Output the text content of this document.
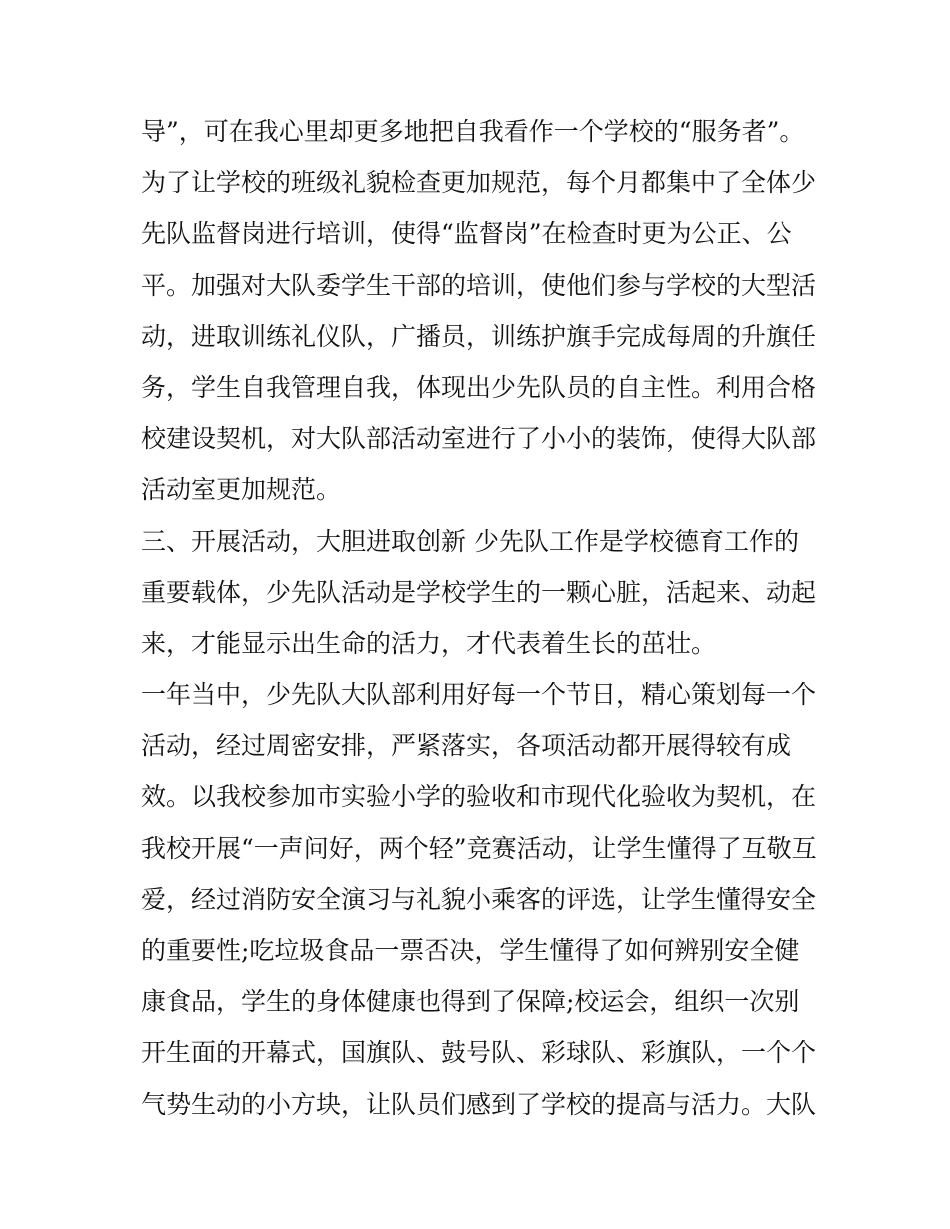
导”，可在我心里却更多地把自我看作一个学校的“服务者”。
为了让学校的班级礼貌检查更加规范，每个月都集中了全体少
先队监督岗进行培训，使得“监督岗”在检查时更为公正、公
平。加强对大队委学生干部的培训，使他们参与学校的大型活
动，进取训练礼仪队，广播员，训练护旗手完成每周的升旗任
务，学生自我管理自我，体现出少先队员的自主性。利用合格
校建设契机，对大队部活动室进行了小小的装饰，使得大队部
活动室更加规范。
三、开展活动，大胆进取创新 少先队工作是学校德育工作的
重要载体，少先队活动是学校学生的一颗心脏，活起来、动起
来，才能显示出生命的活力，才代表着生长的茁壮。
一年当中，少先队大队部利用好每一个节日，精心策划每一个
活动，经过周密安排，严紧落实，各项活动都开展得较有成
效。以我校参加市实验小学的验收和市现代化验收为契机，在
我校开展“一声问好，两个轻”竞赛活动，让学生懂得了互敬互
爱，经过消防安全演习与礼貌小乘客的评选，让学生懂得安全
的重要性;吃垃圾食品一票否决，学生懂得了如何辨别安全健
康食品，学生的身体健康也得到了保障;校运会，组织一次别
开生面的开幕式，国旗队、鼓号队、彩球队、彩旗队，一个个
气势生动的小方块，让队员们感到了学校的提高与活力。大队
